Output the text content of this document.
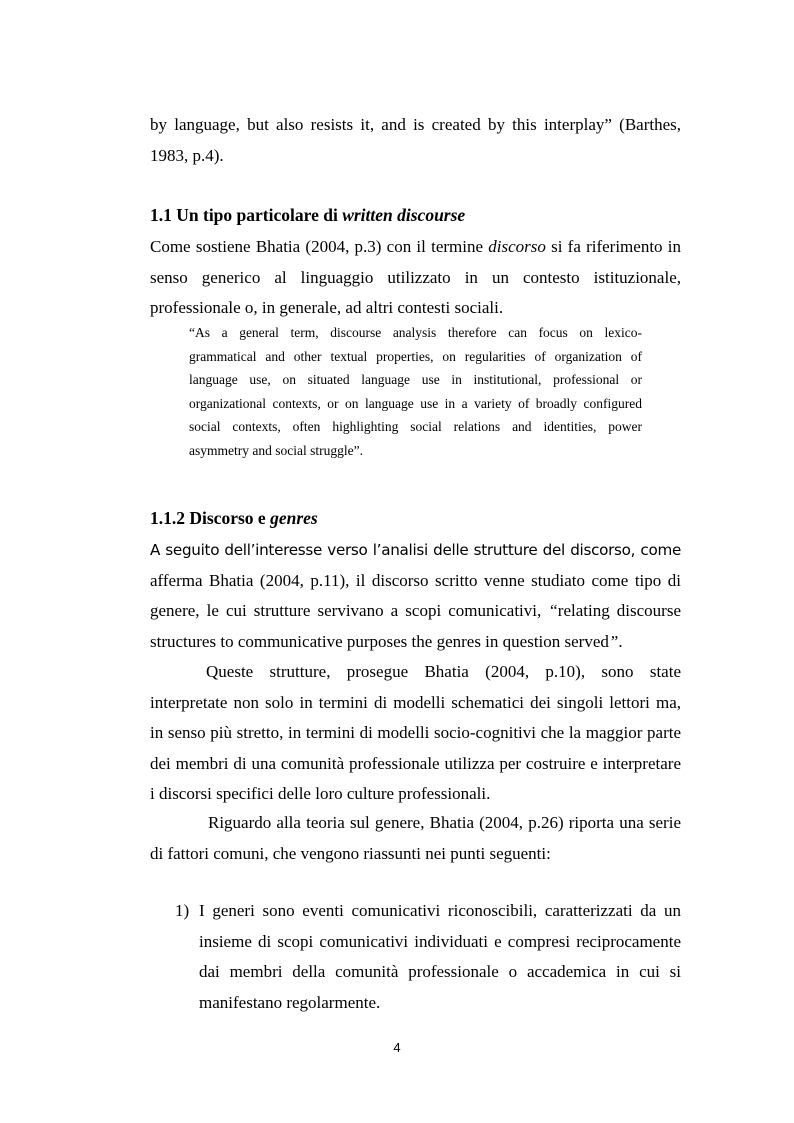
by language, but also resists it, and is created by this interplay” (Barthes,
1983, p.4).
1.1 Un tipo particolare di written discourse
Come sostiene Bhatia (2004, p.3) con il termine discorso si fa riferimento in
senso generico al linguaggio utilizzato in un contesto istituzionale,
professionale o, in generale, ad altri contesti sociali.
“As a general term, discourse analysis therefore can focus on lexico-
grammatical and other textual properties, on regularities of organization of
language use, on situated language use in institutional, professional or
organizational contexts, or on language use in a variety of broadly configured
social contexts, often highlighting social relations and identities, power
asymmetry and social struggle”.
1.1.2 Discorso e genres
A seguito dell’interesse verso l’analisi delle strutture del discorso, come
afferma Bhatia (2004, p.11), il discorso scritto venne studiato come tipo di
genere, le cui strutture servivano a scopi comunicativi, “relating discourse
structures to communicative purposes the genres in question served”.
Queste strutture, prosegue Bhatia (2004, p.10), sono state
interpretate non solo in termini di modelli schematici dei singoli lettori ma,
in senso più stretto, in termini di modelli socio-cognitivi che la maggior parte
dei membri di una comunità professionale utilizza per costruire e interpretare
i discorsi specifici delle loro culture professionali.
Riguardo alla teoria sul genere, Bhatia (2004, p.26) riporta una serie
di fattori comuni, che vengono riassunti nei punti seguenti:
1) I generi sono eventi comunicativi riconoscibili, caratterizzati da un
insieme di scopi comunicativi individuati e compresi reciprocamente
dai membri della comunità professionale o accademica in cui si
manifestano regolarmente.
4
